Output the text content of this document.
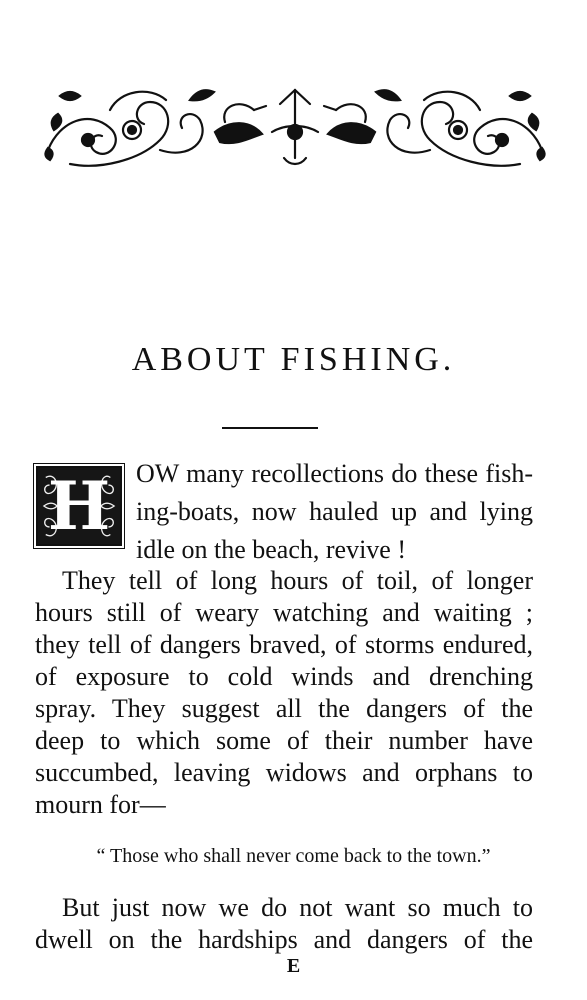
ABOUT FISHING.
H OW many recollections do these fish-
ing-boats, now hauled up and lying
idle on the beach, revive !
They tell of long hours of toil, of longer
hours still of weary watching and waiting ;
they tell of dangers braved, of storms endured,
of exposure to cold winds and drenching
spray. They suggest all the dangers of the
deep to which some of their number have
succumbed, leaving widows and orphans to
mourn for—
“ Those who shall never come back to the town.”
But just now we do not want so much to
dwell on the hardships and dangers of the
E
